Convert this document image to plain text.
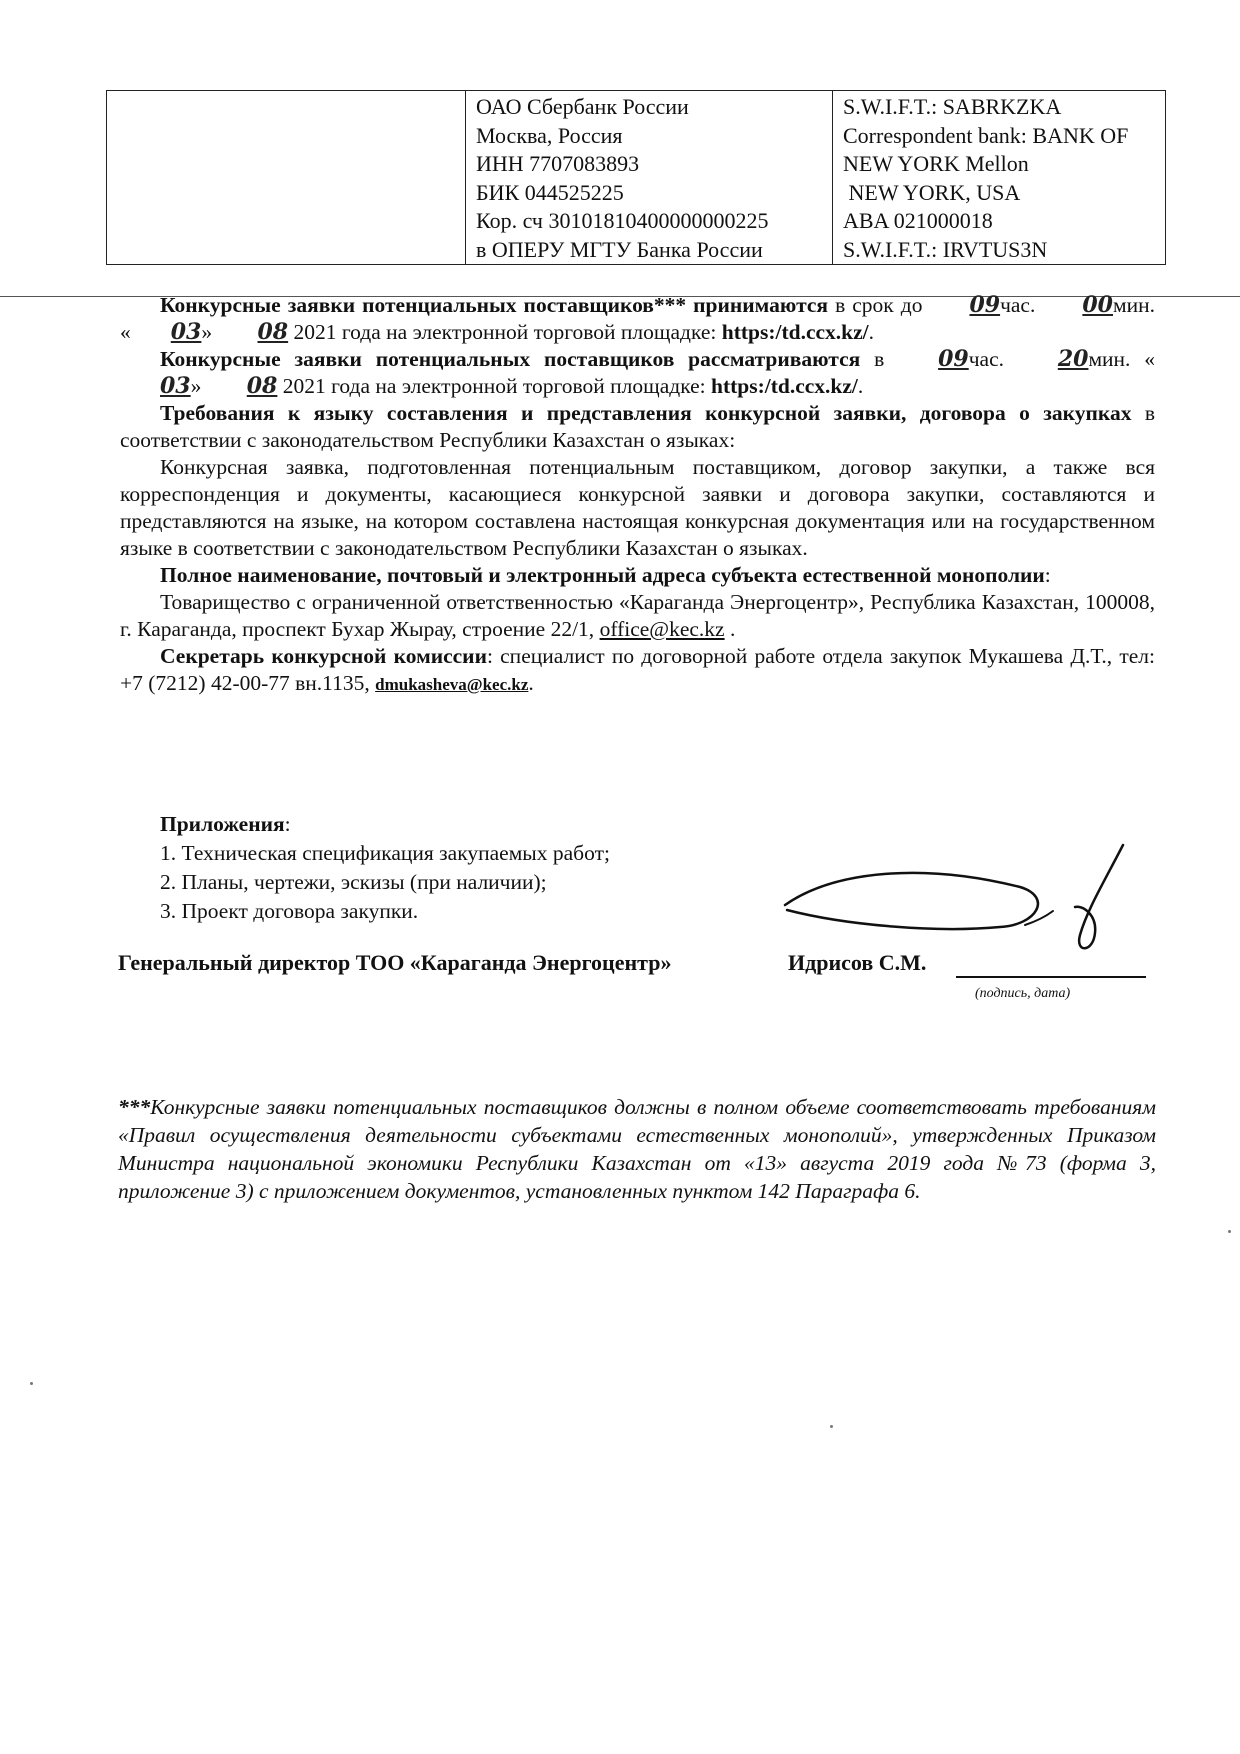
ОАО Сбербанк России
Москва, Россия
ИНН 7707083893
БИК 044525225
Кор. сч 30101810400000000225
в ОПЕРУ МГТУ Банка России

S.W.I.F.T.: SABRKZKA
Correspondent bank: BANK OF
NEW YORK Mellon
NEW YORK, USA
ABA 021000018
S.W.I.F.T.: IRVTUS3N

Конкурсные заявки потенциальных поставщиков*** принимаются в срок до 09час. 00мин. « 03» 08 2021 года на электронной торговой площадке: https:/td.ccx.kz/.

Конкурсные заявки потенциальных поставщиков рассматриваются в 09час. 20мин. «03» 08 2021 года на электронной торговой площадке: https:/td.ccx.kz/.

Требования к языку составления и представления конкурсной заявки, договора о закупках в соответствии с законодательством Республики Казахстан о языках:

Конкурсная заявка, подготовленная потенциальным поставщиком, договор закупки, а также вся корреспонденция и документы, касающиеся конкурсной заявки и договора закупки, составляются и представляются на языке, на котором составлена настоящая конкурсная документация или на государственном языке в соответствии с законодательством Республики Казахстан о языках.

Полное наименование, почтовый и электронный адреса субъекта естественной монополии:

Товарищество с ограниченной ответственностью «Караганда Энергоцентр», Республика Казахстан, 100008, г. Караганда, проспект Бухар Жырау, строение 22/1, office@kec.kz .

Секретарь конкурсной комиссии: специалист по договорной работе отдела закупок Мукашева Д.Т., тел: +7 (7212) 42-00-77 вн.1135, dmukasheva@kec.kz.

Приложения:
1. Техническая спецификация закупаемых работ;
2. Планы, чертежи, эскизы (при наличии);
3. Проект договора закупки.
Генеральный директор ТОО «Караганда Энергоцентр»	Идрисов С.М.
(подпись, дата)
***Конкурсные заявки потенциальных поставщиков должны в полном объеме соответствовать требованиям «Правил осуществления деятельности субъектами естественных монополий», утвержденных Приказом Министра национальной экономики Республики Казахстан от «13» августа 2019 года №73 (форма 3, приложение 3) с приложением документов, установленных пунктом 142 Параграфа 6.
